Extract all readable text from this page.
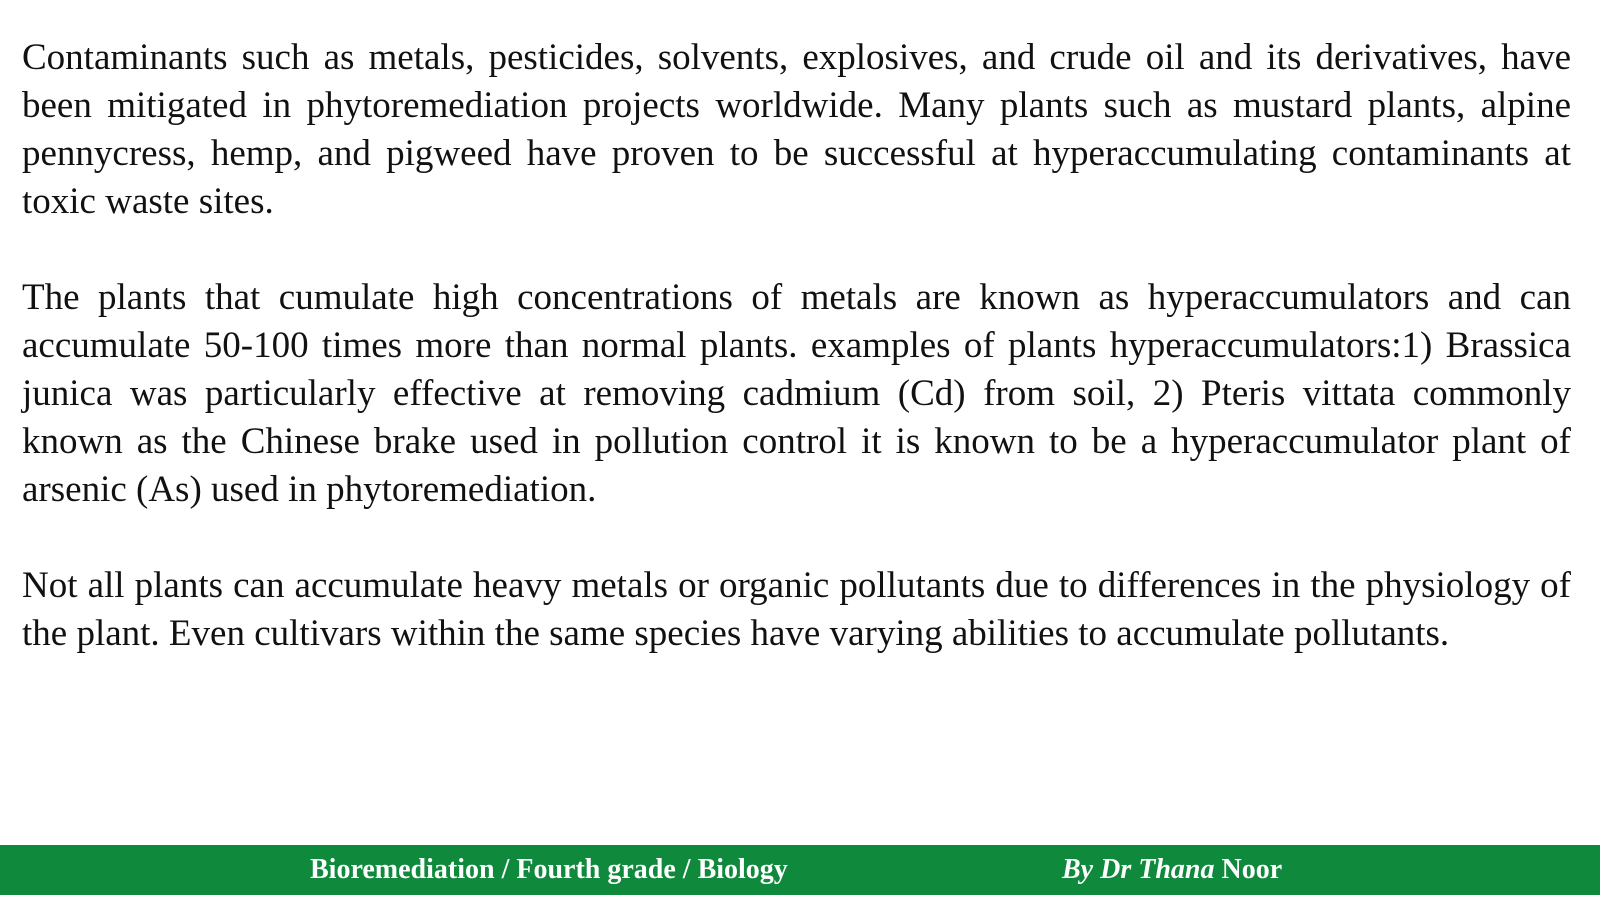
Contaminants such as metals, pesticides, solvents, explosives, and crude oil and its derivatives, have been mitigated in phytoremediation projects worldwide. Many plants such as mustard plants, alpine pennycress, hemp, and pigweed have proven to be successful at hyperaccumulating contaminants at toxic waste sites.

The plants that cumulate high concentrations of metals are known as hyperaccumulators and can accumulate 50-100 times more than normal plants. examples of plants hyperaccumulators:1) Brassica junica was particularly effective at removing cadmium (Cd) from soil, 2) Pteris vittata commonly known as the Chinese brake used in pollution control it is known to be a hyperaccumulator plant of arsenic (As) used in phytoremediation.

Not all plants can accumulate heavy metals or organic pollutants due to differences in the physiology of the plant. Even cultivars within the same species have varying abilities to accumulate pollutants.

Bioremediation / Fourth grade / Biology	By Dr Thana Noor
